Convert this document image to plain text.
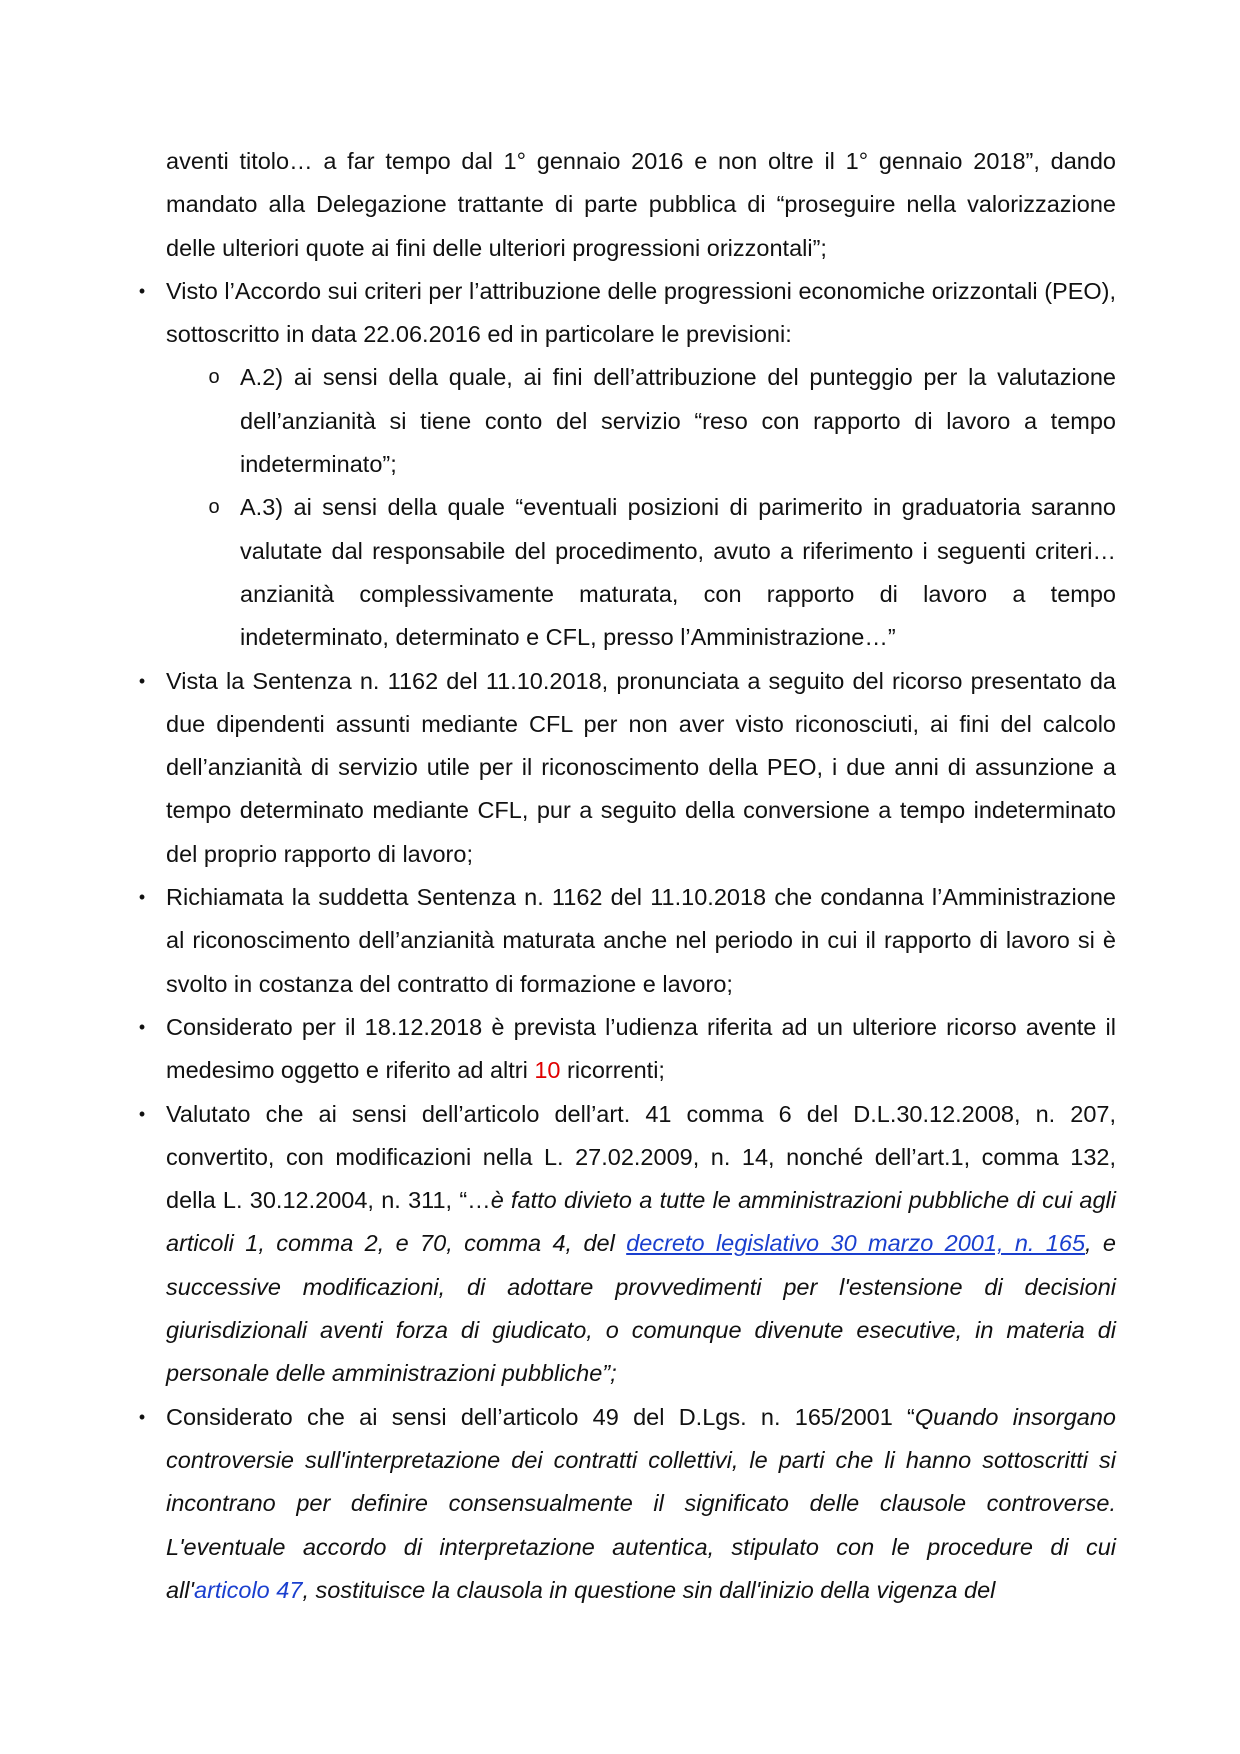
aventi titolo… a far tempo dal 1° gennaio 2016 e non oltre il 1° gennaio 2018”, dando mandato alla Delegazione trattante di parte pubblica di “proseguire nella valorizzazione delle ulteriori quote ai fini delle ulteriori progressioni orizzontali”;

• Visto l’Accordo sui criteri per l’attribuzione delle progressioni economiche orizzontali (PEO), sottoscritto in data 22.06.2016 ed in particolare le previsioni:

o A.2) ai sensi della quale, ai fini dell’attribuzione del punteggio per la valutazione dell’anzianità si tiene conto del servizio “reso con rapporto di lavoro a tempo indeterminato”;

o A.3) ai sensi della quale “eventuali posizioni di parimerito in graduatoria saranno valutate dal responsabile del procedimento, avuto a riferimento i seguenti criteri…anzianità complessivamente maturata, con rapporto di lavoro a tempo indeterminato, determinato e CFL, presso l’Amministrazione…”

• Vista la Sentenza n. 1162 del 11.10.2018, pronunciata a seguito del ricorso presentato da due dipendenti assunti mediante CFL per non aver visto riconosciuti, ai fini del calcolo dell’anzianità di servizio utile per il riconoscimento della PEO, i due anni di assunzione a tempo determinato mediante CFL, pur a seguito della conversione a tempo indeterminato del proprio rapporto di lavoro;

• Richiamata la suddetta Sentenza n. 1162 del 11.10.2018 che condanna l’Amministrazione al riconoscimento dell’anzianità maturata anche nel periodo in cui il rapporto di lavoro si è svolto in costanza del contratto di formazione e lavoro;

• Considerato per il 18.12.2018 è prevista l’udienza riferita ad un ulteriore ricorso avente il medesimo oggetto e riferito ad altri 10 ricorrenti;

• Valutato che ai sensi dell’articolo dell’art. 41 comma 6 del D.L.30.12.2008, n. 207, convertito, con modificazioni nella L. 27.02.2009, n. 14, nonché dell’art.1, comma 132, della L. 30.12.2004, n. 311, “…è fatto divieto a tutte le amministrazioni pubbliche di cui agli articoli 1, comma 2, e 70, comma 4, del decreto legislativo 30 marzo 2001, n. 165, e successive modificazioni, di adottare provvedimenti per l'estensione di decisioni giurisdizionali aventi forza di giudicato, o comunque divenute esecutive, in materia di personale delle amministrazioni pubbliche”;

• Considerato che ai sensi dell’articolo 49 del D.Lgs. n. 165/2001 “Quando insorgano controversie sull'interpretazione dei contratti collettivi, le parti che li hanno sottoscritti si incontrano per definire consensualmente il significato delle clausole controverse. L'eventuale accordo di interpretazione autentica, stipulato con le procedure di cui all'articolo 47, sostituisce la clausola in questione sin dall'inizio della vigenza del
